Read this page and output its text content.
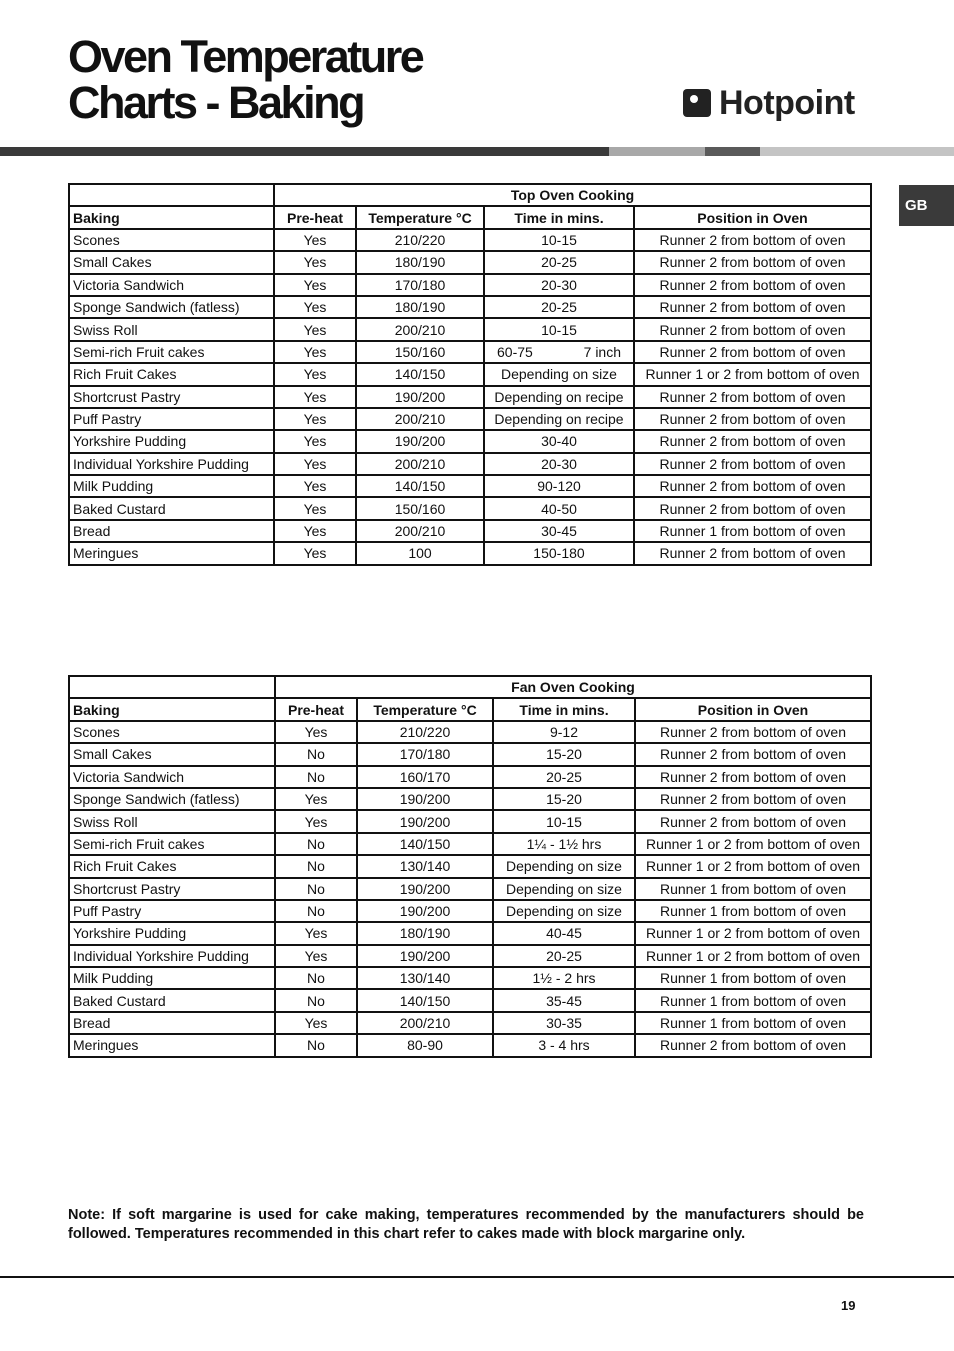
Oven Temperature
Charts - Baking	Hotpoint
GB
	Top Oven Cooking			
Baking	Pre-heat	Temperature °C	Time in mins.	Position in Oven
Scones	Yes	210/220	10-15	Runner 2 from bottom of oven
Small Cakes	Yes	180/190	20-25	Runner 2 from bottom of oven
Victoria Sandwich	Yes	170/180	20-30	Runner 2 from bottom of oven
Sponge Sandwich (fatless)	Yes	180/190	20-25	Runner 2 from bottom of oven
Swiss Roll	Yes	200/210	10-15	Runner 2 from bottom of oven
Semi-rich Fruit cakes	Yes	150/160	60-75 7 inch	Runner 2 from bottom of oven
Rich Fruit Cakes	Yes	140/150	Depending on size	Runner 1 or 2 from bottom of oven
Shortcrust Pastry	Yes	190/200	Depending on recipe	Runner 2 from bottom of oven
Puff Pastry	Yes	200/210	Depending on recipe	Runner 2 from bottom of oven
Yorkshire Pudding	Yes	190/200	30-40	Runner 2 from bottom of oven
Individual Yorkshire Pudding	Yes	200/210	20-30	Runner 2 from bottom of oven
Milk Pudding	Yes	140/150	90-120	Runner 2 from bottom of oven
Baked Custard	Yes	150/160	40-50	Runner 2 from bottom of oven
Bread	Yes	200/210	30-45	Runner 1 from bottom of oven
Meringues	Yes	100	150-180	Runner 2 from bottom of oven
	Fan Oven Cooking			
Baking	Pre-heat	Temperature °C	Time in mins.	Position in Oven
Scones	Yes	210/220	9-12	Runner 2 from bottom of oven
Small Cakes	No	170/180	15-20	Runner 2 from bottom of oven
Victoria Sandwich	No	160/170	20-25	Runner 2 from bottom of oven
Sponge Sandwich (fatless)	Yes	190/200	15-20	Runner 2 from bottom of oven
Swiss Roll	Yes	190/200	10-15	Runner 2 from bottom of oven
Semi-rich Fruit cakes	No	140/150	1¼ - 1½ hrs	Runner 1 or 2 from bottom of oven
Rich Fruit Cakes	No	130/140	Depending on size	Runner 1 or 2 from bottom of oven
Shortcrust Pastry	No	190/200	Depending on size	Runner 1 from bottom of oven
Puff Pastry	No	190/200	Depending on size	Runner 1 from bottom of oven
Yorkshire Pudding	Yes	180/190	40-45	Runner 1 or 2 from bottom of oven
Individual Yorkshire Pudding	Yes	190/200	20-25	Runner 1 or 2 from bottom of oven
Milk Pudding	No	130/140	1½ - 2 hrs	Runner 1 from bottom of oven
Baked Custard	No	140/150	35-45	Runner 1 from bottom of oven
Bread	Yes	200/210	30-35	Runner 1 from bottom of oven
Meringues	No	80-90	3 - 4 hrs	Runner 2 from bottom of oven

Note: If soft margarine is used for cake making, temperatures recommended by the manufacturers should be followed. Temperatures recommended in this chart refer to cakes made with block margarine only.

19
